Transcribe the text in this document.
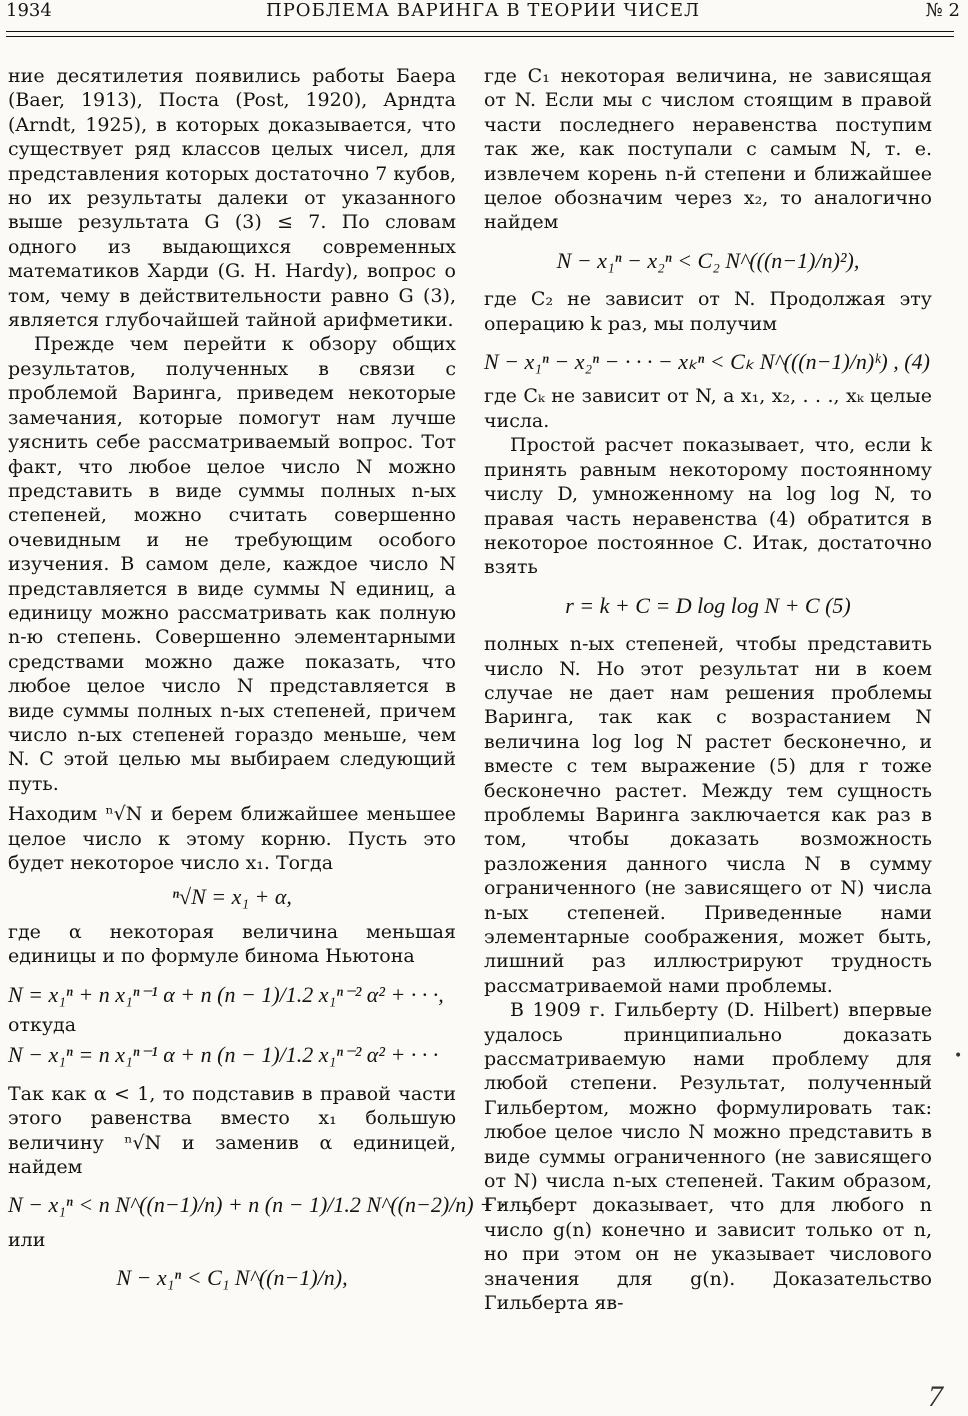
1934	ПРОБЛЕМА ВАРИНГА В ТЕОРИИ ЧИСЕЛ	№ 2

ние десятилетия появились работы Баера (Baer, 1913), Поста (Post, 1920), Арндта (Arndt, 1925), в которых доказывается, что существует ряд классов целых чисел, для представления которых достаточно 7 кубов, но их результаты далеки от указанного выше результата G (3) ≤ 7. По словам одного из выдающихся современных математиков Харди (G. H. Hardy), вопрос о том, чему в действительности равно G (3), является глубочайшей тайной арифметики.

Прежде чем перейти к обзору общих результатов, полученных в связи с проблемой Варинга, приведем некоторые замечания, которые помогут нам лучше уяснить себе рассматриваемый вопрос. Тот факт, что любое целое число N можно представить в виде суммы полных n-ых степеней, можно считать совершенно очевидным и не требующим особого изучения. В самом деле, каждое число N представляется в виде суммы N единиц, а единицу можно рассматривать как полную n-ю степень. Совершенно элементарными средствами можно даже показать, что любое целое число N представляется в виде суммы полных n-ых степеней, причем число n-ых степеней гораздо меньше, чем N. С этой целью мы выбираем следующий путь.

Находим ⁿ√N и берем ближайшее меньшее целое число к этому корню. Пусть это будет некоторое число x₁. Тогда

ⁿ√N = x₁ + α,

где α некоторая величина меньшая единицы и по формуле бинома Ньютона

N = x₁ⁿ + n x₁ⁿ⁻¹ α + n (n − 1)/1.2 x₁ⁿ⁻² α² + · · ·,

откуда

N − x₁ⁿ = n x₁ⁿ⁻¹ α + n (n − 1)/1.2 x₁ⁿ⁻² α² + · · ·

Так как α < 1, то подставив в правой части этого равенства вместо x₁ большую величину ⁿ√N и заменив α единицей, найдем

N − x₁ⁿ < n N^((n−1)/n) + n (n − 1)/1.2 N^((n−2)/n) + · · ·,

или

N − x₁ⁿ < C₁ N^((n−1)/n),

где C₁ некоторая величина, не зависящая от N. Если мы с числом стоящим в правой части последнего неравенства поступим так же, как поступали с самым N, т. е. извлечем корень n-й степени и ближайшее целое обозначим через x₂, то аналогично найдем

N − x₁ⁿ − x₂ⁿ < C₂ N^(((n−1)/n)²),

где C₂ не зависит от N. Продолжая эту операцию k раз, мы получим

N − x₁ⁿ − x₂ⁿ − · · · − xₖⁿ < Cₖ N^(((n−1)/n)ᵏ) , (4)

где Cₖ не зависит от N, а x₁, x₂, . . ., xₖ целые числа.

Простой расчет показывает, что, если k принять равным некоторому постоянному числу D, умноженному на log log N, то правая часть неравенства (4) обратится в некоторое постоянное C. Итак, достаточно взять

r = k + C = D log log N + C (5)

полных n-ых степеней, чтобы представить число N. Но этот результат ни в коем случае не дает нам решения проблемы Варинга, так как с возрастанием N величина log log N растет бесконечно, и вместе с тем выражение (5) для r тоже бесконечно растет. Между тем сущность проблемы Варинга заключается как раз в том, чтобы доказать возможность разложения данного числа N в сумму ограниченного (не зависящего от N) числа n-ых степеней. Приведенные нами элементарные соображения, может быть, лишний раз иллюстрируют трудность рассматриваемой нами проблемы.

В 1909 г. Гильберту (D. Hilbert) впервые удалось принципиально доказать рассматриваемую нами проблему для любой степени. Результат, полученный Гильбертом, можно формулировать так: любое целое число N можно представить в виде суммы ограниченного (не зависящего от N) числа n-ых степеней. Таким образом, Гильберт доказывает, что для любого n число g(n) конечно и зависит только от n, но при этом он не указывает числового значения для g(n). Доказательство Гильберта яв-

7
•
